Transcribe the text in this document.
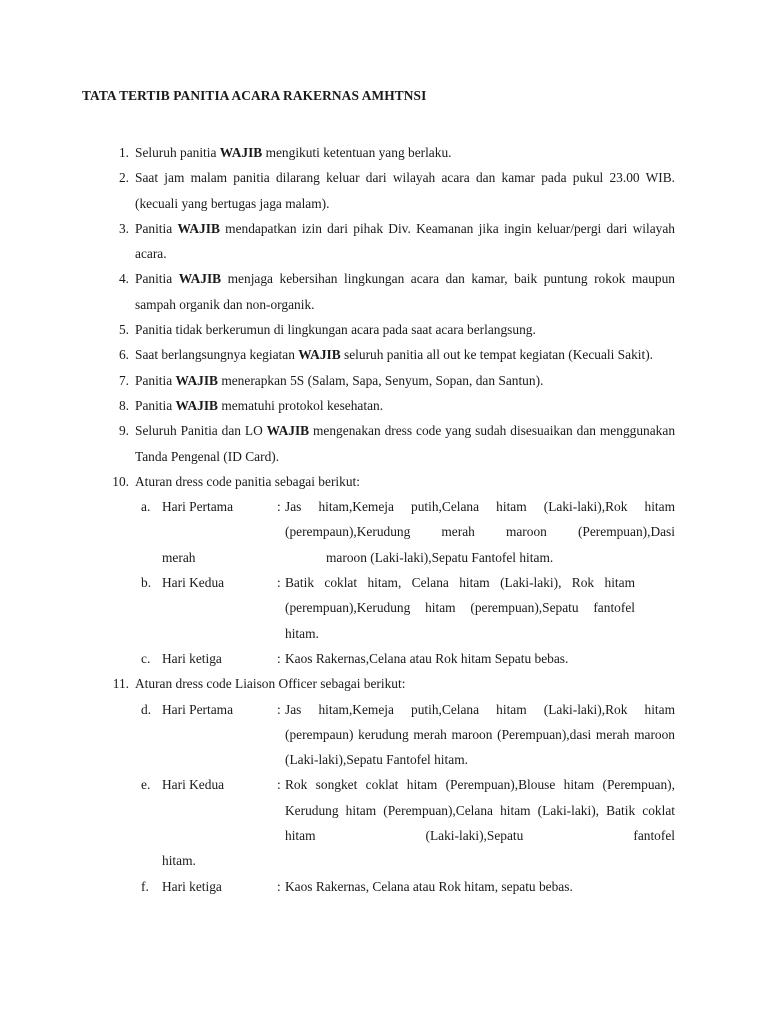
TATA TERTIB PANITIA ACARA RAKERNAS AMHTNSI
1. Seluruh panitia WAJIB mengikuti ketentuan yang berlaku.
2. Saat jam malam panitia dilarang keluar dari wilayah acara dan kamar pada pukul 23.00 WIB. (kecuali yang bertugas jaga malam).
3. Panitia WAJIB mendapatkan izin dari pihak Div. Keamanan jika ingin keluar/pergi dari wilayah acara.
4. Panitia WAJIB menjaga kebersihan lingkungan acara dan kamar, baik puntung rokok maupun sampah organik dan non-organik.
5. Panitia tidak berkerumun di lingkungan acara pada saat acara berlangsung.
6. Saat berlangsungnya kegiatan WAJIB seluruh panitia all out ke tempat kegiatan (Kecuali Sakit).
7. Panitia WAJIB menerapkan 5S (Salam, Sapa, Senyum, Sopan, dan Santun).
8. Panitia WAJIB mematuhi protokol kesehatan.
9. Seluruh Panitia dan LO WAJIB mengenakan dress code yang sudah disesuaikan dan menggunakan Tanda Pengenal (ID Card).
10. Aturan dress code panitia sebagai berikut:
a. Hari Pertama	: Jas hitam,Kemeja putih,Celana hitam (Laki-laki),Rok hitam (perempaun),Kerudung merah maroon (Perempuan),Dasi
merah	maroon (Laki-laki),Sepatu Fantofel hitam.
b. Hari Kedua	: Batik coklat hitam, Celana hitam (Laki-laki), Rok hitam (perempuan),Kerudung hitam (perempuan),Sepatu fantofel hitam.
c. Hari ketiga	: Kaos Rakernas,Celana atau Rok hitam Sepatu bebas.
11. Aturan dress code Liaison Officer sebagai berikut:
d. Hari Pertama	: Jas hitam,Kemeja putih,Celana hitam (Laki-laki),Rok hitam (perempaun) kerudung merah maroon (Perempuan),dasi merah maroon (Laki-laki),Sepatu Fantofel hitam.
e. Hari Kedua	: Rok songket coklat hitam (Perempuan),Blouse hitam (Perempuan), Kerudung hitam (Perempuan),Celana hitam (Laki-laki), Batik coklat hitam (Laki-laki),Sepatu fantofel
hitam.
f. Hari ketiga	: Kaos Rakernas, Celana atau Rok hitam, sepatu bebas.
